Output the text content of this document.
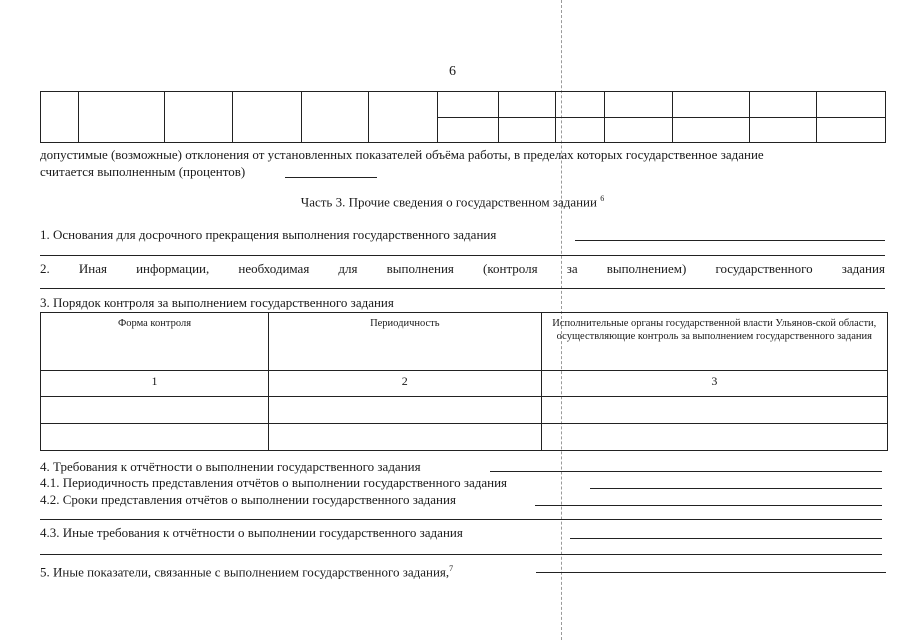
6

допустимые (возможные) отклонения от установленных показателей объёма работы, в пределах которых государственное задание
считается выполненным (процентов)
Часть 3. Прочие сведения о государственном задании $^6$
1. Основания для досрочного прекращения выполнения государственного задания
2. Иная информации, необходимая для выполнения (контроля за выполнением) государственного задания
3. Порядок контроля за выполнением государственного задания
Форма контроля	Периодичность	Исполнительные органы государственной власти Ульянов-ской области, осуществляющие контроль за выполнением государственного задания
1	2	3

4. Требования к отчётности о выполнении государственного задания
4.1. Периодичность представления отчётов о выполнении государственного задания
4.2. Сроки представления отчётов о выполнении государственного задания
4.3. Иные требования к отчётности о выполнении государственного задания
5. Иные показатели, связанные с выполнением государственного задания,$^7$
